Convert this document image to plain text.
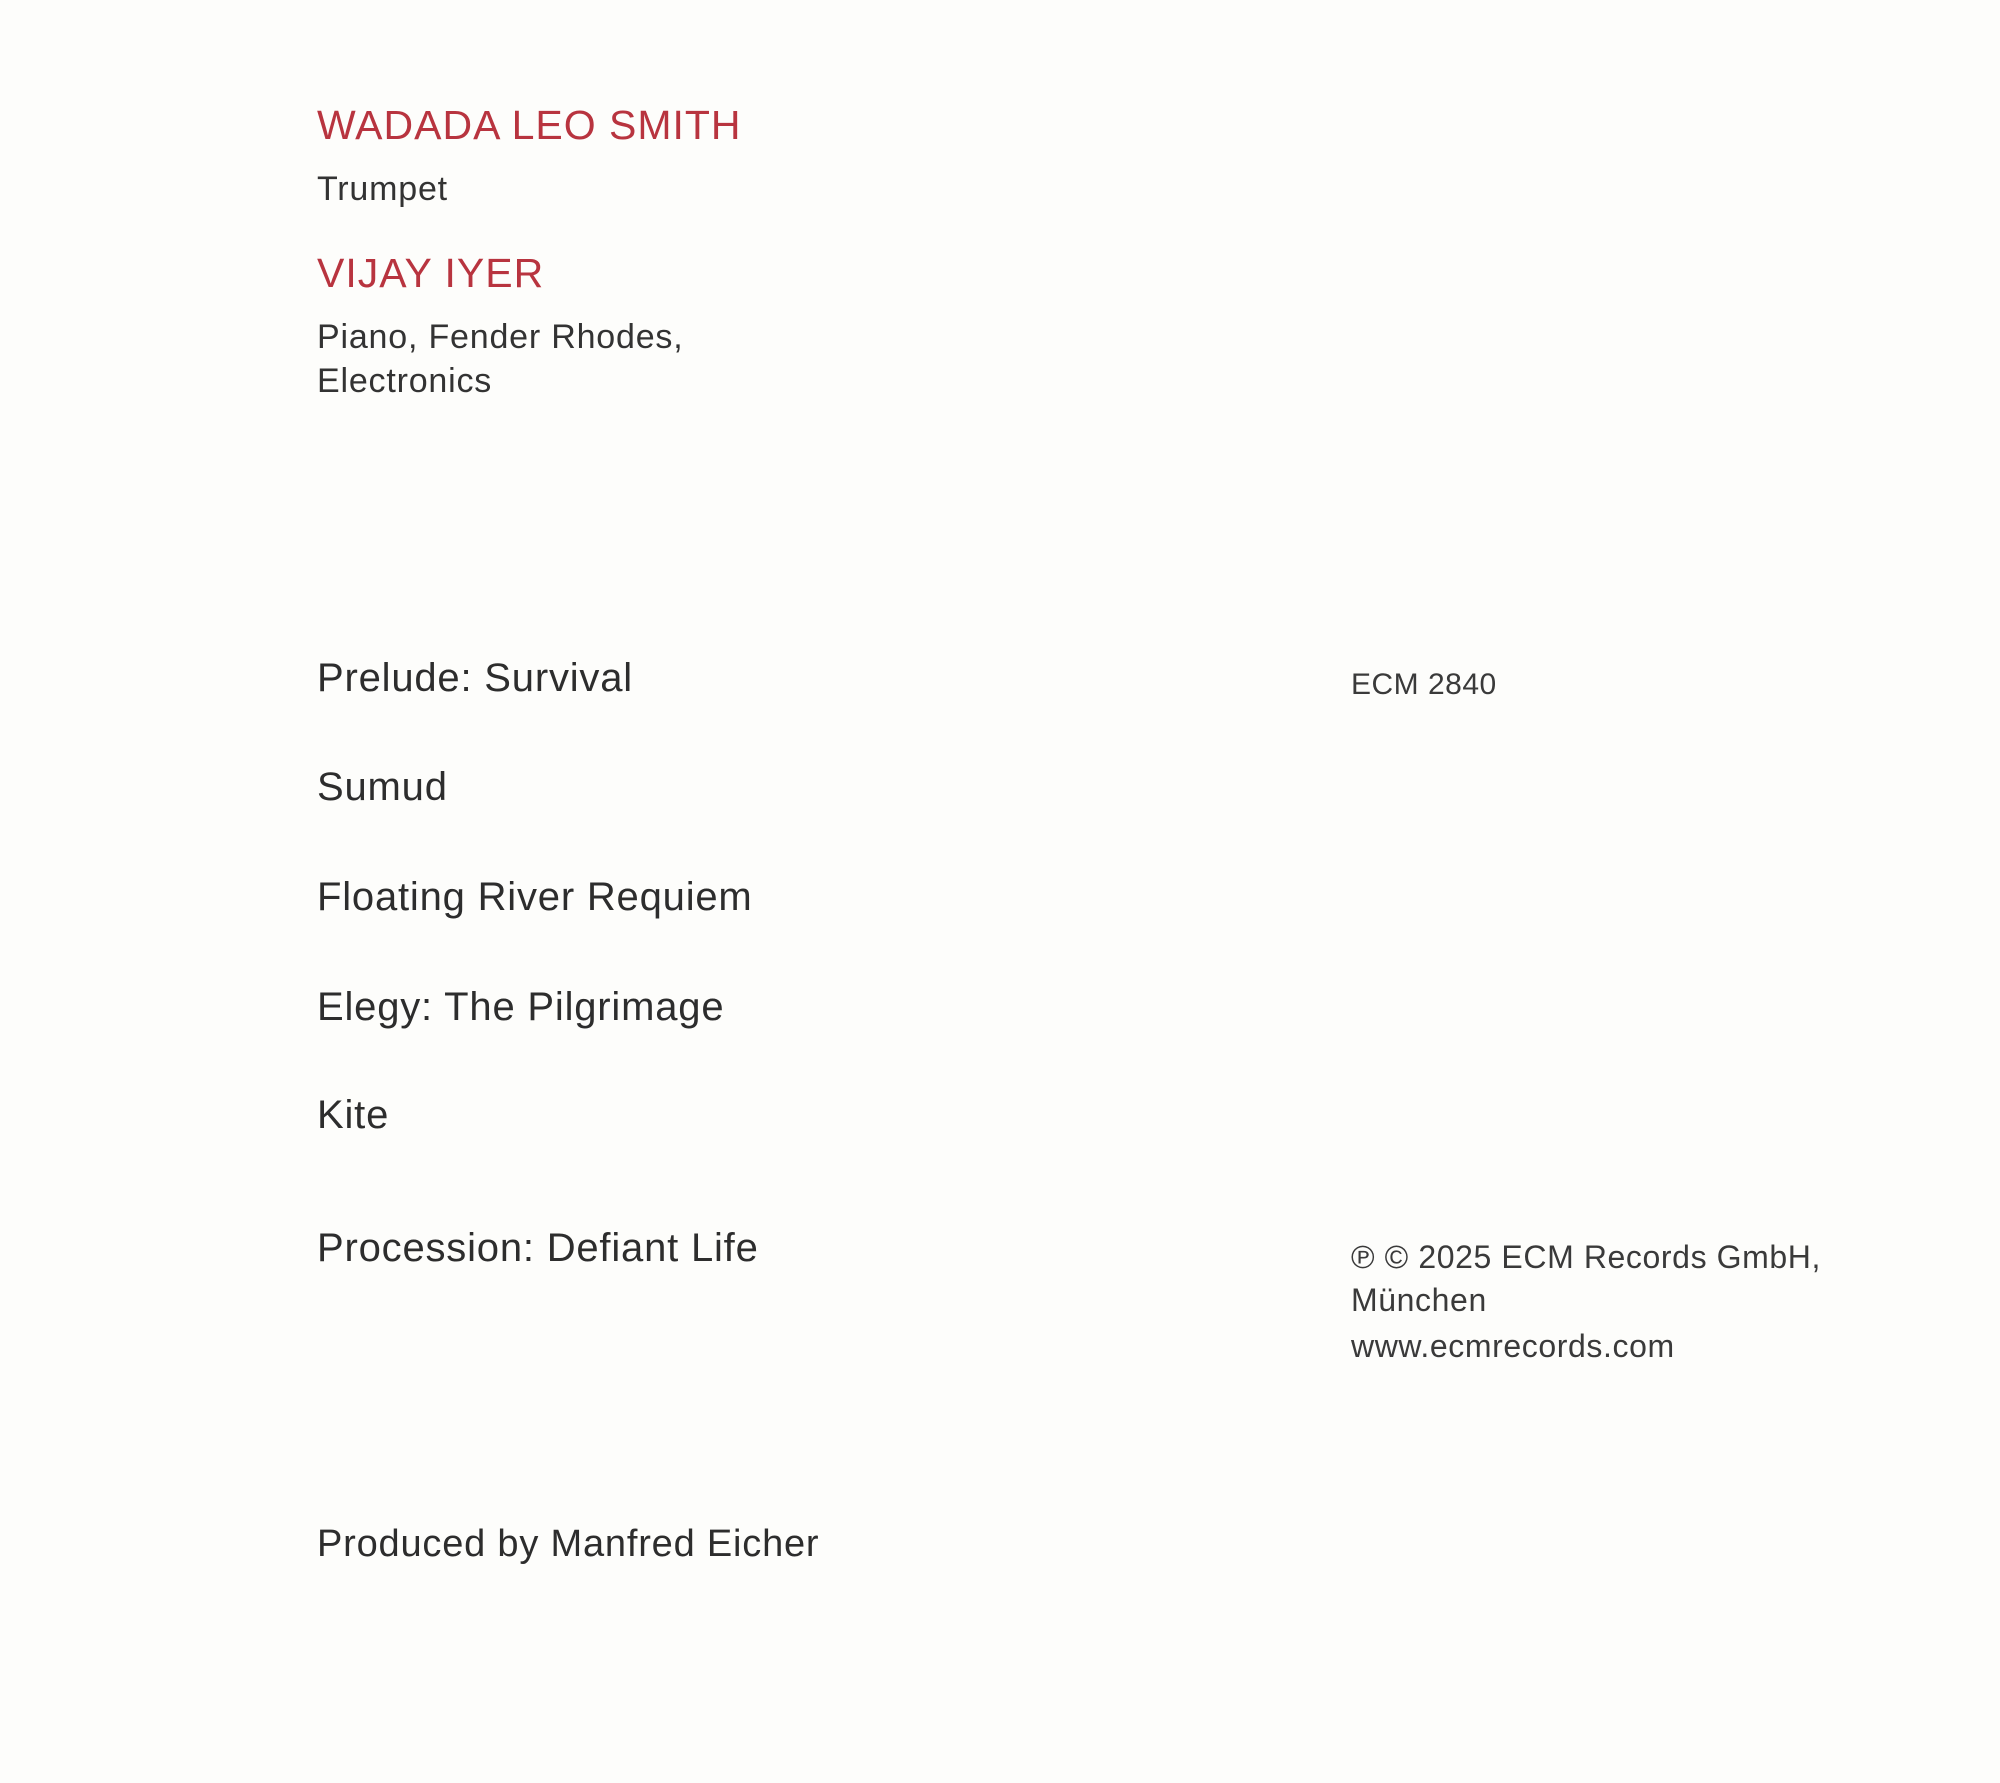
WADADA LEO SMITH
Trumpet
VIJAY IYER
Piano, Fender Rhodes,
Electronics
Prelude: Survival
Sumud
Floating River Requiem
Elegy: The Pilgrimage
Kite
Procession: Defiant Life
ECM 2840
℗ © 2025 ECM Records GmbH,
München
www.ecmrecords.com
Produced by Manfred Eicher
